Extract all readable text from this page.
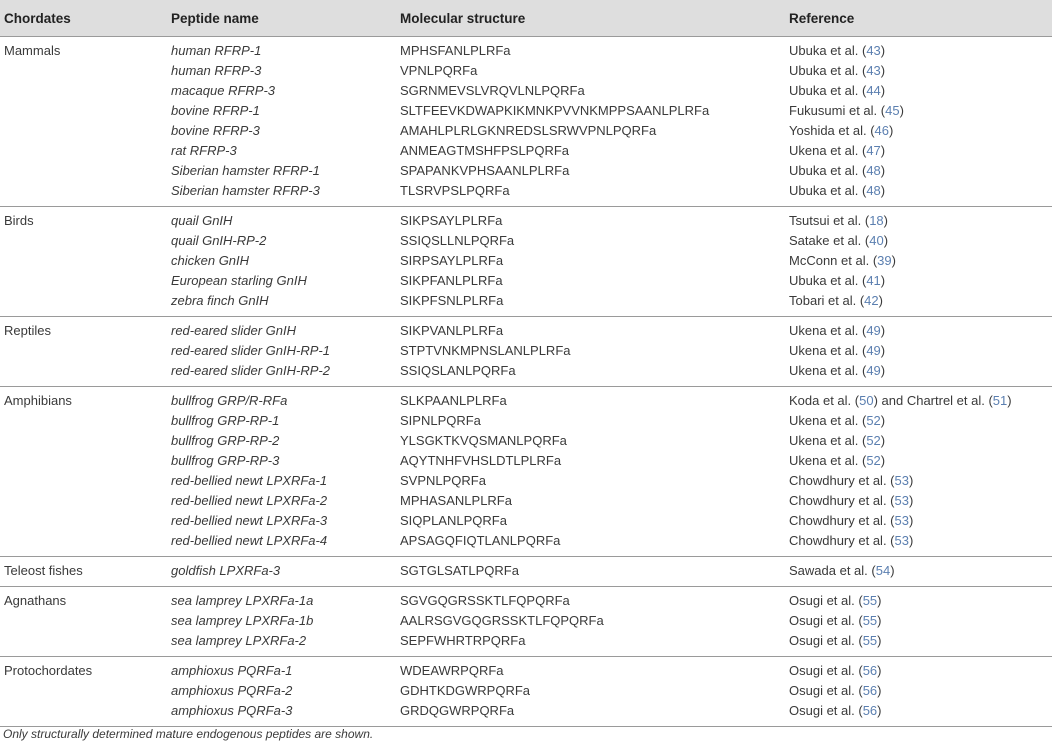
Chordates	Peptide name	Molecular structure	Reference
Mammals	human RFRP-1	MPHSFANLPLRFa	Ubuka et al. (43)
	human RFRP-3	VPNLPQRFa	Ubuka et al. (43)
	macaque RFRP-3	SGRNMEVSLVRQVLNLPQRFa	Ubuka et al. (44)
	bovine RFRP-1	SLTFEEVKDWAPKIKMNKPVVNKMPPSAANLPLRFa	Fukusumi et al. (45)
	bovine RFRP-3	AMAHLPLRLGKNREDSLSRWVPNLPQRFa	Yoshida et al. (46)
	rat RFRP-3	ANMEAGTMSHFPSLPQRFa	Ukena et al. (47)
	Siberian hamster RFRP-1	SPAPANKVPHSAANLPLRFa	Ubuka et al. (48)
	Siberian hamster RFRP-3	TLSRVPSLPQRFa	Ubuka et al. (48)
Birds	quail GnIH	SIKPSAYLPLRFa	Tsutsui et al. (18)
	quail GnIH-RP-2	SSIQSLLNLPQRFa	Satake et al. (40)
	chicken GnIH	SIRPSAYLPLRFa	McConn et al. (39)
	European starling GnIH	SIKPFANLPLRFa	Ubuka et al. (41)
	zebra finch GnIH	SIKPFSNLPLRFa	Tobari et al. (42)
Reptiles	red-eared slider GnIH	SIKPVANLPLRFa	Ukena et al. (49)
	red-eared slider GnIH-RP-1	STPTVNKMPNSLANLPLRFa	Ukena et al. (49)
	red-eared slider GnIH-RP-2	SSIQSLANLPQRFa	Ukena et al. (49)
Amphibians	bullfrog GRP/R-RFa	SLKPAANLPLRFa	Koda et al. (50) and Chartrel et al. (51)
	bullfrog GRP-RP-1	SIPNLPQRFa	Ukena et al. (52)
	bullfrog GRP-RP-2	YLSGKTKVQSMANLPQRFa	Ukena et al. (52)
	bullfrog GRP-RP-3	AQYTNHFVHSLDTLPLRFa	Ukena et al. (52)
	red-bellied newt LPXRFa-1	SVPNLPQRFa	Chowdhury et al. (53)
	red-bellied newt LPXRFa-2	MPHASANLPLRFa	Chowdhury et al. (53)
	red-bellied newt LPXRFa-3	SIQPLANLPQRFa	Chowdhury et al. (53)
	red-bellied newt LPXRFa-4	APSAGQFIQTLANLPQRFa	Chowdhury et al. (53)
Teleost fishes	goldfish LPXRFa-3	SGTGLSATLPQRFa	Sawada et al. (54)
Agnathans	sea lamprey LPXRFa-1a	SGVGQGRSSKTLFQPQRFa	Osugi et al. (55)
	sea lamprey LPXRFa-1b	AALRSGVGQGRSSKTLFQPQRFa	Osugi et al. (55)
	sea lamprey LPXRFa-2	SEPFWHRTRPQRFa	Osugi et al. (55)
Protochordates	amphioxus PQRFa-1	WDEAWRPQRFa	Osugi et al. (56)
	amphioxus PQRFa-2	GDHTKDGWRPQRFa	Osugi et al. (56)
	amphioxus PQRFa-3	GRDQGWRPQRFa	Osugi et al. (56)
Only structurally determined mature endogenous peptides are shown.
